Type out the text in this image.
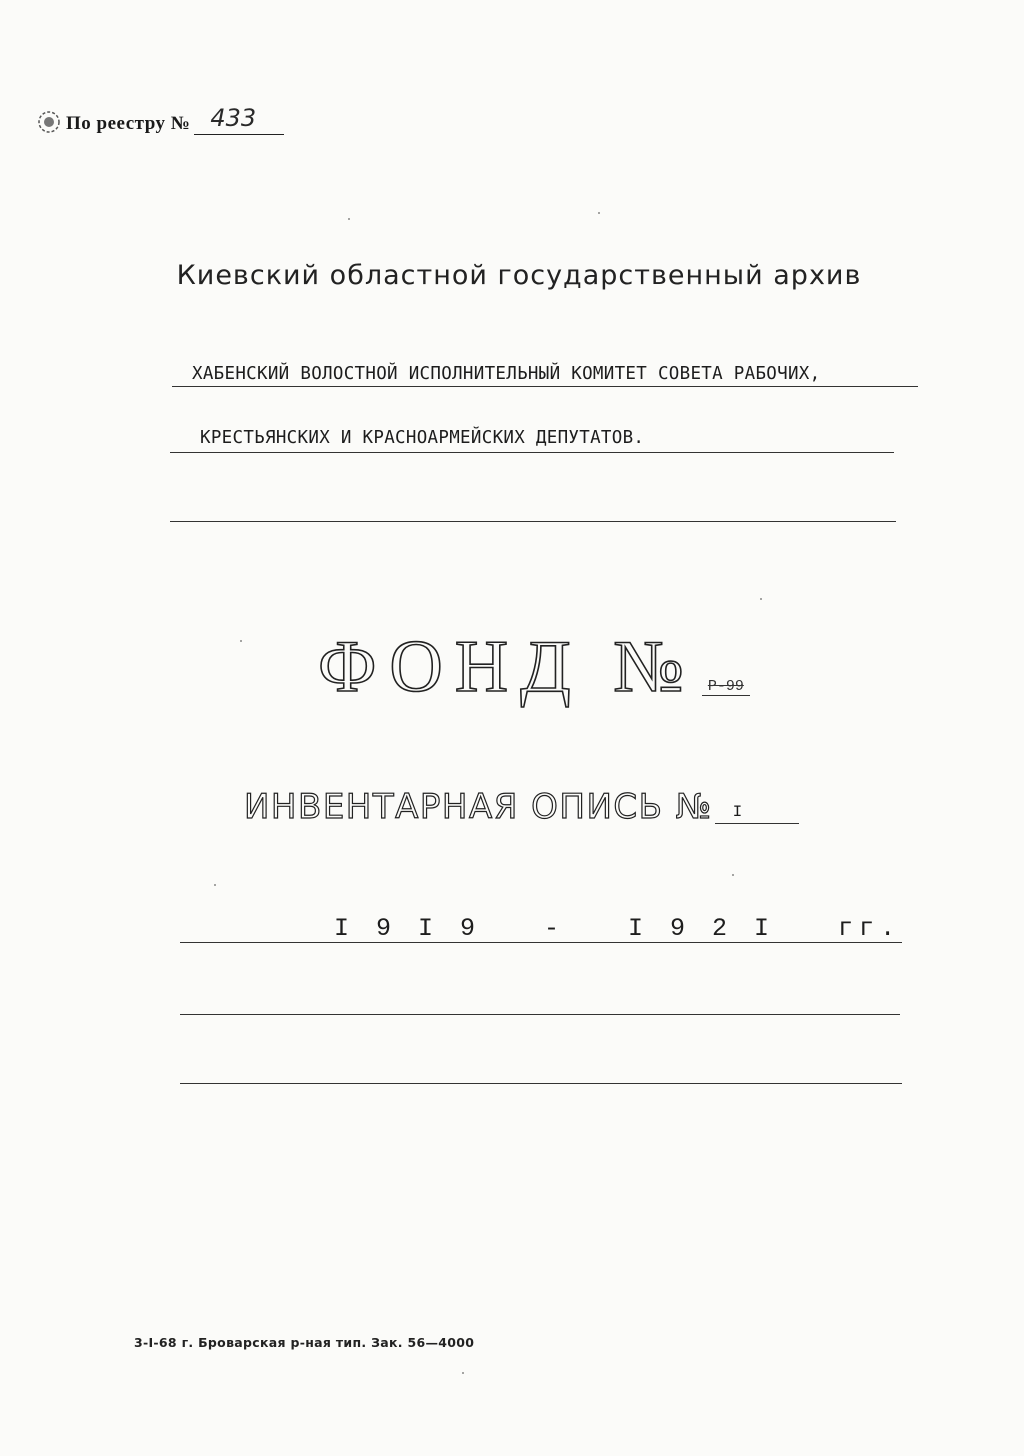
По реестру № 433
Киевский областной государственный архив
ХАБЕНСКИЙ ВОЛОСТНОЙ ИСПОЛНИТЕЛЬНЫЙ КОМИТЕТ СОВЕТА РАБОЧИХ,
КРЕСТЬЯНСКИХ И КРАСНОАРМЕЙСКИХ ДЕПУТАТОВ.
ФОНД № Р-99
ИНВЕНТАРНАЯ ОПИСЬ № I
I 9 I 9   -   I 9 2 I   гг.
3-I-68 г. Броварская р-ная тип. Зак. 56—4000
